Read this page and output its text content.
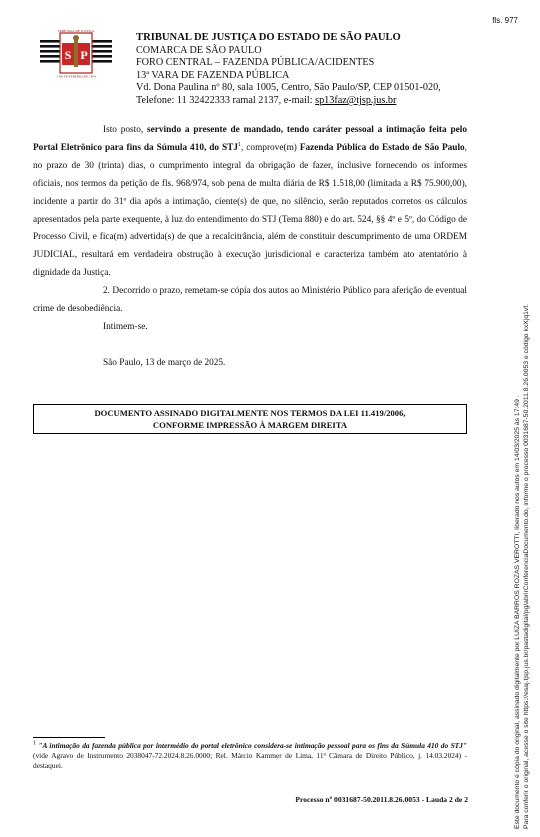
fls. 977
TRIBUNAL DE JUSTIÇA
S P
1 DE FEVEREIRO DE 1874
TRIBUNAL DE JUSTIÇA DO ESTADO DE SÃO PAULO
COMARCA DE SÃO PAULO
FORO CENTRAL – FAZENDA PÚBLICA/ACIDENTES
13ª VARA DE FAZENDA PÚBLICA
Vd. Dona Paulina nº 80, sala 1005, Centro, São Paulo/SP, CEP 01501-020,
Telefone: 11 32422333 ramal 2137, e-mail: sp13faz@tjsp.jus.br

Isto posto, servindo a presente de mandado, tendo caráter pessoal a intimação feita pelo Portal Eletrônico para fins da Súmula 410, do STJ$^1$, comprove(m) Fazenda Pública do Estado de São Paulo, no prazo de 30 (trinta) dias, o cumprimento integral da obrigação de fazer, inclusive fornecendo os informes oficiais, nos termos da petição de fls. 968/974, sob pena de multa diária de R$ 1.518,00 (limitada a R$ 75.900,00), incidente a partir do 31º dia após a intimação, ciente(s) de que, no silêncio, serão reputados corretos os cálculos apresentados pela parte exequente, à luz do entendimento do STJ (Tema 880) e do art. 524, §§ 4º e 5º, do Código de Processo Civil, e fica(m) advertida(s) de que a recalcitrância, além de constituir descumprimento de uma ORDEM JUDICIAL, resultará em verdadeira obstrução à execução jurisdicional e caracteriza também ato atentatório à dignidade da Justiça.

2. Decorrido o prazo, remetam-se cópia dos autos ao Ministério Público para aferição de eventual crime de desobediência.

Intimem-se.

São Paulo, 13 de março de 2025.

DOCUMENTO ASSINADO DIGITALMENTE NOS TERMOS DA LEI 11.419/2006,
CONFORME IMPRESSÃO À MARGEM DIREITA
$^1$ "A intimação da fazenda pública por intermédio do portal eletrônico considera-se intimação pessoal para os fins da Súmula 410 do STJ" (vide Agravo de Instrumento 2038047-72.2024.8.26.0000; Rel. Márcio Kammer de Lima, 11ª Câmara de Direito Público, j. 14.03.2024) - destaquei.
Processo nº 0031687-50.2011.8.26.0053 - Lauda 2 de 2	Este documento é cópia do original, assinado digitalmente por LUIZA BARROS ROZAS VEROTTI, liberado nos autos em 14/03/2025 às 17:49 . Para conferir o original, acesse o site https://esaj.tjsp.jus.br/pastadigital/pg/abrirConferenciaDocumento.do, informe o processo 0031687-50.2011.8.26.0053 e código kxXjq1vf.
